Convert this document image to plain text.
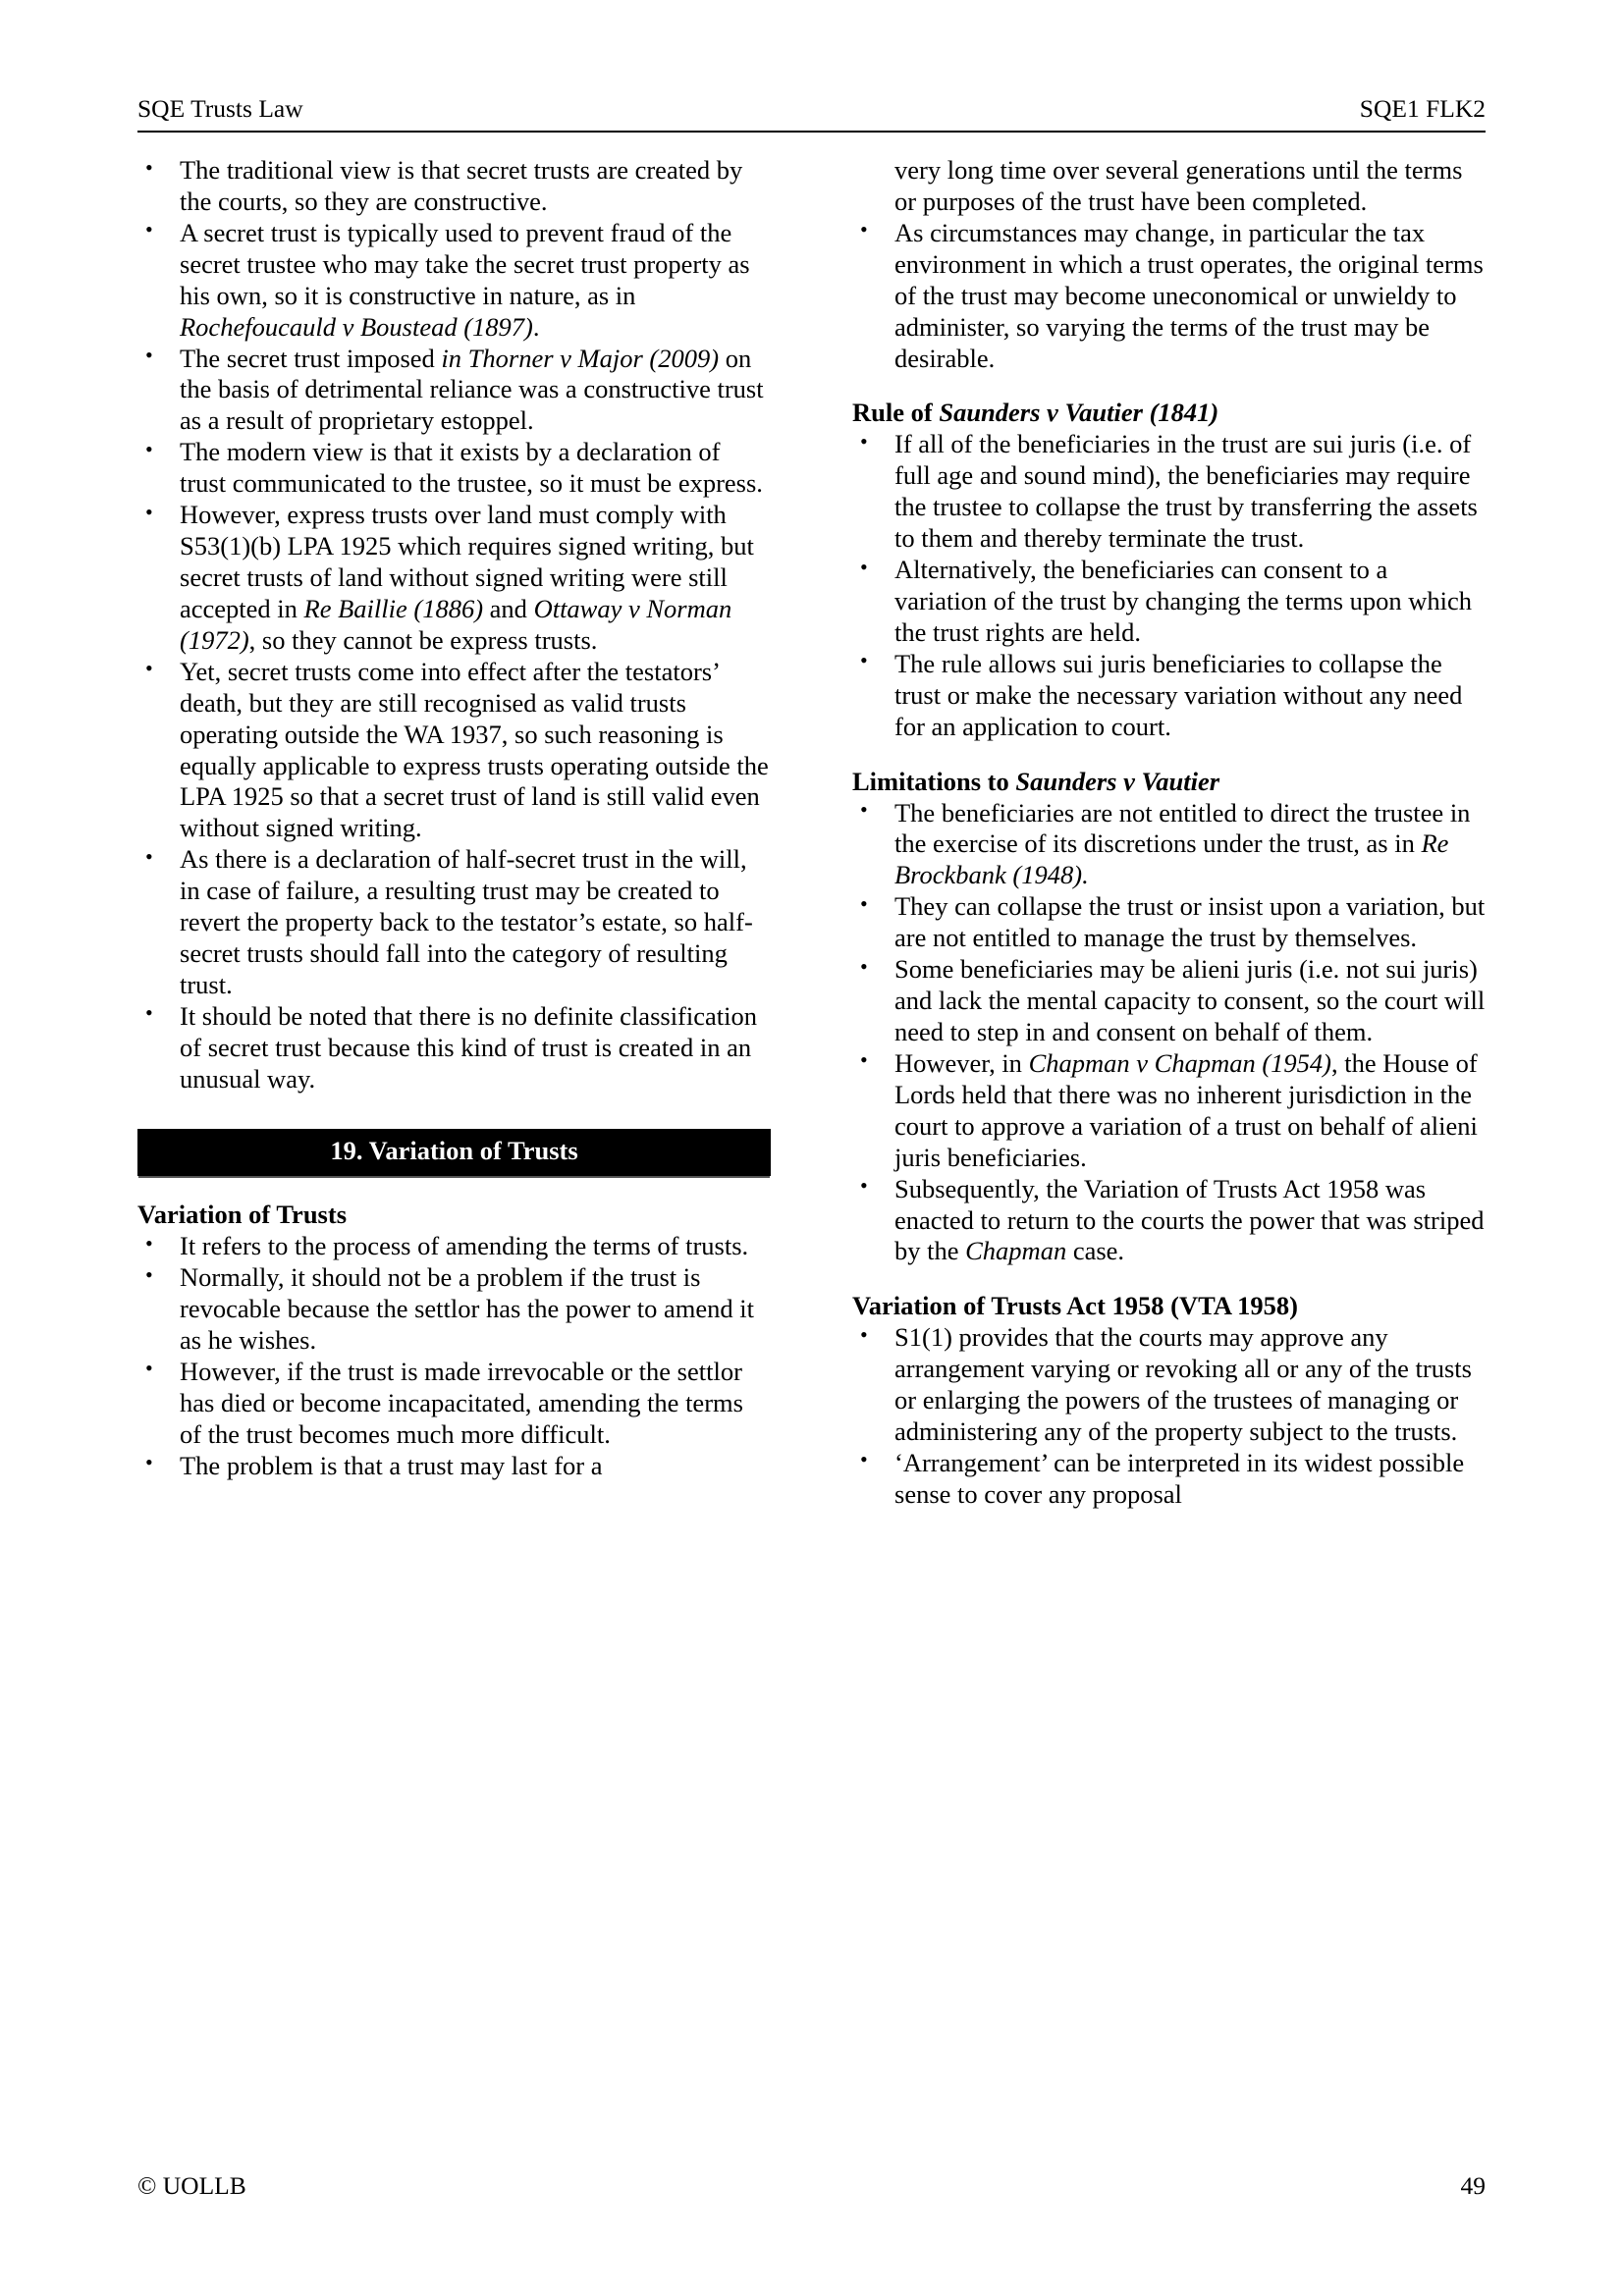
SQE Trusts Law	SQE1 FLK2
• The traditional view is that secret trusts are created by the courts, so they are constructive.
• A secret trust is typically used to prevent fraud of the secret trustee who may take the secret trust property as his own, so it is constructive in nature, as in Rochefoucauld v Boustead (1897).
• The secret trust imposed in Thorner v Major (2009) on the basis of detrimental reliance was a constructive trust as a result of proprietary estoppel.
• The modern view is that it exists by a declaration of trust communicated to the trustee, so it must be express.
• However, express trusts over land must comply with S53(1)(b) LPA 1925 which requires signed writing, but secret trusts of land without signed writing were still accepted in Re Baillie (1886) and Ottaway v Norman (1972), so they cannot be express trusts.
• Yet, secret trusts come into effect after the testators’ death, but they are still recognised as valid trusts operating outside the WA 1937, so such reasoning is equally applicable to express trusts operating outside the LPA 1925 so that a secret trust of land is still valid even without signed writing.
• As there is a declaration of half-secret trust in the will, in case of failure, a resulting trust may be created to revert the property back to the testator’s estate, so half-secret trusts should fall into the category of resulting trust.
• It should be noted that there is no definite classification of secret trust because this kind of trust is created in an unusual way.
19. Variation of Trusts
Variation of Trusts
• It refers to the process of amending the terms of trusts.
• Normally, it should not be a problem if the trust is revocable because the settlor has the power to amend it as he wishes.
• However, if the trust is made irrevocable or the settlor has died or become incapacitated, amending the terms of the trust becomes much more difficult.
• The problem is that a trust may last for a
very long time over several generations until the terms or purposes of the trust have been completed.
• As circumstances may change, in particular the tax environment in which a trust operates, the original terms of the trust may become uneconomical or unwieldy to administer, so varying the terms of the trust may be desirable.
Rule of Saunders v Vautier (1841)
• If all of the beneficiaries in the trust are sui juris (i.e. of full age and sound mind), the beneficiaries may require the trustee to collapse the trust by transferring the assets to them and thereby terminate the trust.
• Alternatively, the beneficiaries can consent to a variation of the trust by changing the terms upon which the trust rights are held.
• The rule allows sui juris beneficiaries to collapse the trust or make the necessary variation without any need for an application to court.
Limitations to Saunders v Vautier
• The beneficiaries are not entitled to direct the trustee in the exercise of its discretions under the trust, as in Re Brockbank (1948).
• They can collapse the trust or insist upon a variation, but are not entitled to manage the trust by themselves.
• Some beneficiaries may be alieni juris (i.e. not sui juris) and lack the mental capacity to consent, so the court will need to step in and consent on behalf of them.
• However, in Chapman v Chapman (1954), the House of Lords held that there was no inherent jurisdiction in the court to approve a variation of a trust on behalf of alieni juris beneficiaries.
• Subsequently, the Variation of Trusts Act 1958 was enacted to return to the courts the power that was striped by the Chapman case.
Variation of Trusts Act 1958 (VTA 1958)
• S1(1) provides that the courts may approve any arrangement varying or revoking all or any of the trusts or enlarging the powers of the trustees of managing or administering any of the property subject to the trusts.
• ‘Arrangement’ can be interpreted in its widest possible sense to cover any proposal
© UOLLB	49
